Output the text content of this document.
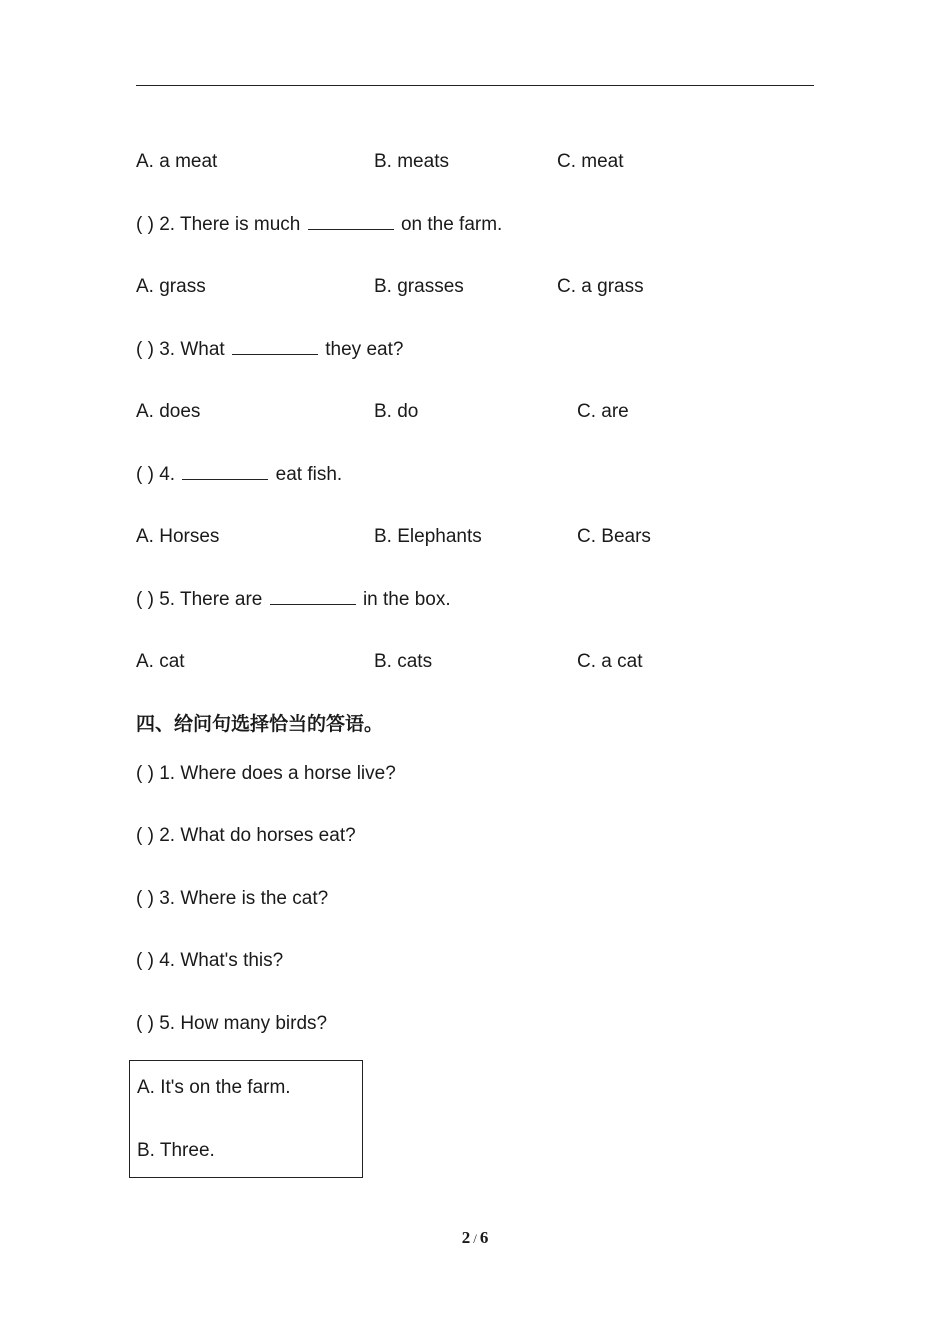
A. a meat	B. meats	C. meat
( ) 2. There is much	on the farm.
A. grass	B. grasses	C. a grass
( ) 3. What	they eat?
A. does	B. do	C. are
( ) 4.	eat fish.
A. Horses	B. Elephants	C. Bears
( ) 5. There are	in the box.
A. cat	B. cats	C. a cat
四、给问句选择恰当的答语。
( ) 1. Where does a horse live?
( ) 2. What do horses eat?
( ) 3. Where is the cat?
( ) 4. What's this?
( ) 5. How many birds?
A. It's on the farm.
B. Three.
2 / 6
